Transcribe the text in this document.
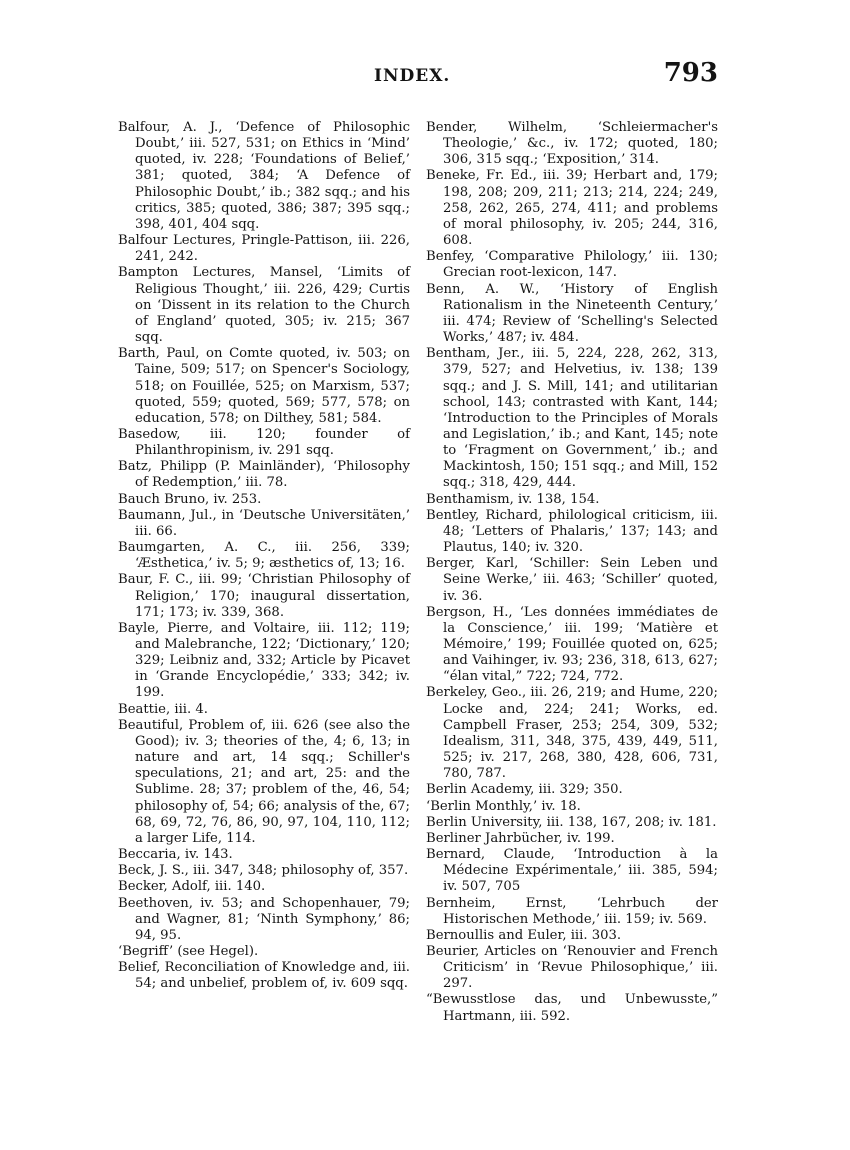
INDEX.	793

Balfour, A. J., ‘Defence of Philosophic Doubt,’ iii. 527, 531; on Ethics in ‘Mind’ quoted, iv. 228; ‘Foundations of Belief,’ 381; quoted, 384; ‘A Defence of Philosophic Doubt,’ ib.; 382 sqq.; and his critics, 385; quoted, 386; 387; 395 sqq.; 398, 401, 404 sqq.

Balfour Lectures, Pringle-Pattison, iii. 226, 241, 242.

Bampton Lectures, Mansel, ‘Limits of Religious Thought,’ iii. 226, 429; Curtis on ‘Dissent in its relation to the Church of England’ quoted, 305; iv. 215; 367 sqq.

Barth, Paul, on Comte quoted, iv. 503; on Taine, 509; 517; on Spencer's Sociology, 518; on Fouillée, 525; on Marxism, 537; quoted, 559; quoted, 569; 577, 578; on education, 578; on Dilthey, 581; 584.

Basedow, iii. 120; founder of Philanthropinism, iv. 291 sqq.

Batz, Philipp (P. Mainländer), ‘Philosophy of Redemption,’ iii. 78.

Bauch Bruno, iv. 253.

Baumann, Jul., in ‘Deutsche Universitäten,’ iii. 66.

Baumgarten, A. C., iii. 256, 339; ‘Æsthetica,’ iv. 5; 9; æsthetics of, 13; 16.

Baur, F. C., iii. 99; ‘Christian Philosophy of Religion,’ 170; inaugural dissertation, 171; 173; iv. 339, 368.

Bayle, Pierre, and Voltaire, iii. 112; 119; and Malebranche, 122; ‘Dictionary,’ 120; 329; Leibniz and, 332; Article by Picavet in ‘Grande Encyclopédie,’ 333; 342; iv. 199.

Beattie, iii. 4.

Beautiful, Problem of, iii. 626 (see also the Good); iv. 3; theories of the, 4; 6, 13; in nature and art, 14 sqq.; Schiller's speculations, 21; and art, 25: and the Sublime. 28; 37; problem of the, 46, 54; philosophy of, 54; 66; analysis of the, 67; 68, 69, 72, 76, 86, 90, 97, 104, 110, 112; a larger Life, 114.

Beccaria, iv. 143.

Beck, J. S., iii. 347, 348; philosophy of, 357.

Becker, Adolf, iii. 140.

Beethoven, iv. 53; and Schopenhauer, 79; and Wagner, 81; ‘Ninth Symphony,’ 86; 94, 95.

‘Begriff’ (see Hegel).

Belief, Reconciliation of Knowledge and, iii. 54; and unbelief, problem of, iv. 609 sqq.

Bender, Wilhelm, ‘Schleiermacher's Theologie,’ &c., iv. 172; quoted, 180; 306, 315 sqq.; ‘Exposition,’ 314.

Beneke, Fr. Ed., iii. 39; Herbart and, 179; 198, 208; 209, 211; 213; 214, 224; 249, 258, 262, 265, 274, 411; and problems of moral philosophy, iv. 205; 244, 316, 608.

Benfey, ‘Comparative Philology,’ iii. 130; Grecian root-lexicon, 147.

Benn, A. W., ‘History of English Rationalism in the Nineteenth Century,’ iii. 474; Review of ‘Schelling's Selected Works,’ 487; iv. 484.

Bentham, Jer., iii. 5, 224, 228, 262, 313, 379, 527; and Helvetius, iv. 138; 139 sqq.; and J. S. Mill, 141; and utilitarian school, 143; contrasted with Kant, 144; ‘Introduction to the Principles of Morals and Legislation,’ ib.; and Kant, 145; note to ‘Fragment on Government,’ ib.; and Mackintosh, 150; 151 sqq.; and Mill, 152 sqq.; 318, 429, 444.

Benthamism, iv. 138, 154.

Bentley, Richard, philological criticism, iii. 48; ‘Letters of Phalaris,’ 137; 143; and Plautus, 140; iv. 320.

Berger, Karl, ‘Schiller: Sein Leben und Seine Werke,’ iii. 463; ‘Schiller’ quoted, iv. 36.

Bergson, H., ‘Les données immédiates de la Conscience,’ iii. 199; ‘Matière et Mémoire,’ 199; Fouillée quoted on, 625; and Vaihinger, iv. 93; 236, 318, 613, 627; “élan vital,” 722; 724, 772.

Berkeley, Geo., iii. 26, 219; and Hume, 220; Locke and, 224; 241; Works, ed. Campbell Fraser, 253; 254, 309, 532; Idealism, 311, 348, 375, 439, 449, 511, 525; iv. 217, 268, 380, 428, 606, 731, 780, 787.

Berlin Academy, iii. 329; 350.

‘Berlin Monthly,’ iv. 18.

Berlin University, iii. 138, 167, 208; iv. 181.

Berliner Jahrbücher, iv. 199.

Bernard, Claude, ‘Introduction à la Médecine Expérimentale,’ iii. 385, 594; iv. 507, 705

Bernheim, Ernst, ‘Lehrbuch der Historischen Methode,’ iii. 159; iv. 569.

Bernoullis and Euler, iii. 303.

Beurier, Articles on ‘Renouvier and French Criticism’ in ‘Revue Philosophique,’ iii. 297.

“Bewusstlose das, und Unbewusste,” Hartmann, iii. 592.
